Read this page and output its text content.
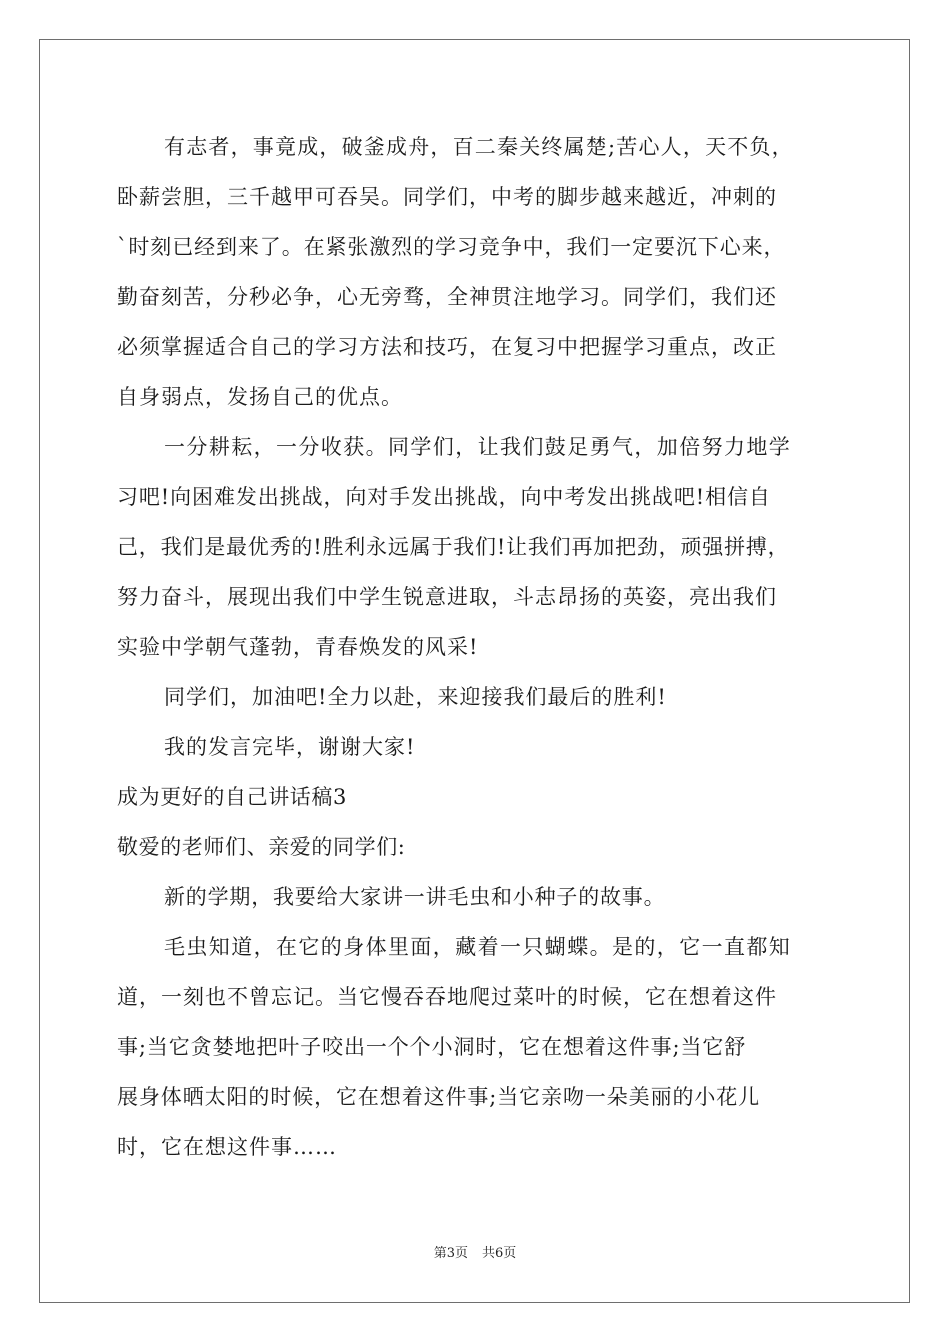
有志者，事竟成，破釜成舟，百二秦关终属楚;苦心人，天不负，
卧薪尝胆，三千越甲可吞吴。同学们，中考的脚步越来越近，冲刺的
`时刻已经到来了。在紧张激烈的学习竞争中，我们一定要沉下心来，
勤奋刻苦，分秒必争，心无旁骛，全神贯注地学习。同学们，我们还
必须掌握适合自己的学习方法和技巧，在复习中把握学习重点，改正
自身弱点，发扬自己的优点。
一分耕耘，一分收获。同学们，让我们鼓足勇气，加倍努力地学
习吧!向困难发出挑战，向对手发出挑战，向中考发出挑战吧!相信自
己，我们是最优秀的!胜利永远属于我们!让我们再加把劲，顽强拼搏，
努力奋斗，展现出我们中学生锐意进取，斗志昂扬的英姿，亮出我们
实验中学朝气蓬勃，青春焕发的风采!
同学们，加油吧!全力以赴，来迎接我们最后的胜利!
我的发言完毕，谢谢大家!
成为更好的自己讲话稿3
敬爱的老师们、亲爱的同学们:
新的学期，我要给大家讲一讲毛虫和小种子的故事。
毛虫知道，在它的身体里面，藏着一只蝴蝶。是的，它一直都知
道，一刻也不曾忘记。当它慢吞吞地爬过菜叶的时候，它在想着这件
事;当它贪婪地把叶子咬出一个个小洞时，它在想着这件事;当它舒
展身体晒太阳的时候，它在想着这件事;当它亲吻一朵美丽的小花儿
时，它在想这件事……
第3页 共6页
